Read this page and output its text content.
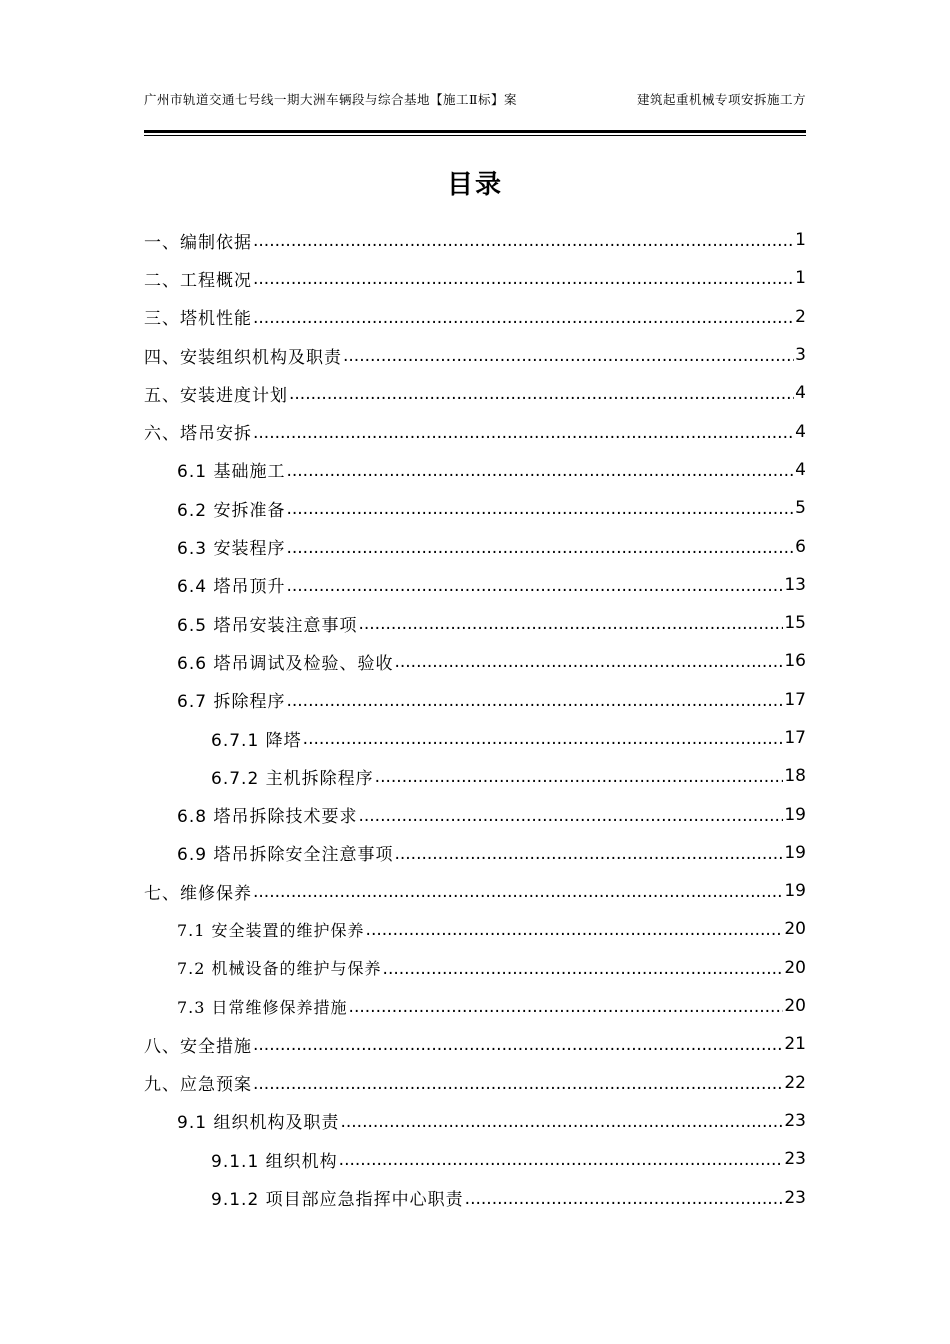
广州市轨道交通七号线一期大洲车辆段与综合基地【施工Ⅱ标】案	建筑起重机械专项安拆施工方
目录
一、编制依据 .....	1
二、工程概况 .....	1
三、塔机性能 .....	2
四、安装组织机构及职责 .....	3
五、安装进度计划 .....	4
六、塔吊安拆 .....	4
6.1 基础施工 .....	4
6.2 安拆准备 .....	5
6.3 安装程序 .....	6
6.4 塔吊顶升 .....	13
6.5 塔吊安装注意事项 .....	15
6.6 塔吊调试及检验、验收 .....	16
6.7 拆除程序 .....	17
6.7.1 降塔 .....	17
6.7.2 主机拆除程序 .....	18
6.8 塔吊拆除技术要求 .....	19
6.9 塔吊拆除安全注意事项 .....	19
七、维修保养 .....	19
7.1 安全装置的维护保养 .....	20
7.2 机械设备的维护与保养 .....	20
7.3 日常维修保养措施 .....	20
八、安全措施 .....	21
九、应急预案 .....	22
9.1 组织机构及职责 .....	23
9.1.1 组织机构 .....	23
9.1.2 项目部应急指挥中心职责 .....	23
